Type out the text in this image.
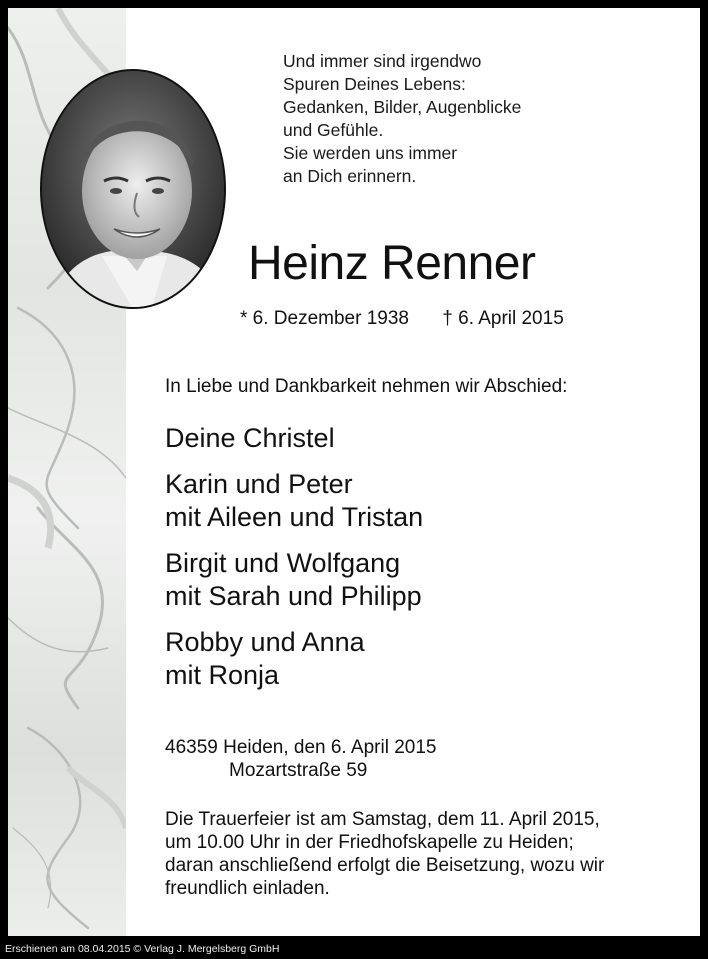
Und immer sind irgendwo
Spuren Deines Lebens:
Gedanken, Bilder, Augenblicke
und Gefühle.
Sie werden uns immer
an Dich erinnern.
Heinz Renner
* 6. Dezember 1938 † 6. April 2015
In Liebe und Dankbarkeit nehmen wir Abschied:
Deine Christel
Karin und Peter
mit Aileen und Tristan
Birgit und Wolfgang
mit Sarah und Philipp
Robby und Anna
mit Ronja
46359 Heiden, den 6. April 2015
Mozartstraße 59
Die Trauerfeier ist am Samstag, dem 11. April 2015,
um 10.00 Uhr in der Friedhofskapelle zu Heiden;
daran anschließend erfolgt die Beisetzung, wozu wir
freundlich einladen.
Erschienen am 08.04.2015 © Verlag J. Mergelsberg GmbH
